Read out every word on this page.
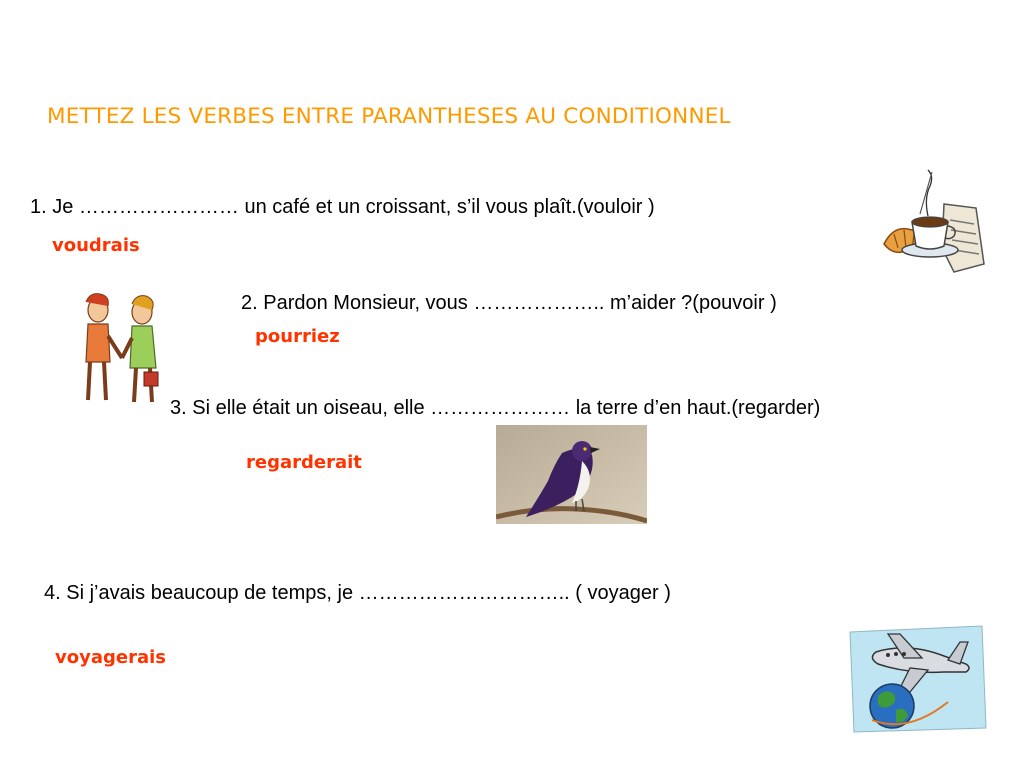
METTEZ LES VERBES ENTRE PARANTHESES AU CONDITIONNEL
1. Je …………………… un café et un croissant, s’il vous plaît.(vouloir )
voudrais
2. Pardon Monsieur, vous ……………….. m’aider ?(pouvoir )
pourriez
3. Si elle était un oiseau, elle ………………… la terre d’en haut.(regarder)
regarderait
4. Si j’avais beaucoup de temps, je ………………………….. ( voyager )
voyagerais
